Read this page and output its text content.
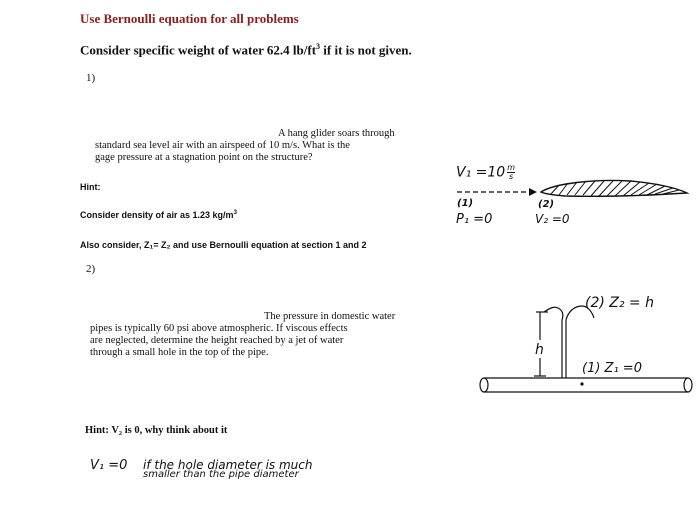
Use Bernoulli equation for all problems
Consider specific weight of water 62.4 $lb/ft^3$ if it is not given.
1)
A hang glider soars through
standard sea level air with an airspeed of 10 m/s. What is the
gage pressure at a stagnation point on the structure?
Hint:
Consider density of air as 1.23 $kg/m^3$
Also consider, Z₁= Z₂ and use Bernoulli equation at section 1 and 2
$V_1 =10 \frac{m}{s}$
(1)	(2)
P₁ =0	V₂ =0
2)
The pressure in domestic water
pipes is typically 60 psi above atmospheric. If viscous effects
are neglected, determine the height reached by a jet of water
through a small hole in the top of the pipe.
Hint: V₂ is 0, why think about it
V₁ =0 if the hole diameter is much
smaller than the pipe diameter
(2) Z₂ = h
h
(1) Z₁ =0
